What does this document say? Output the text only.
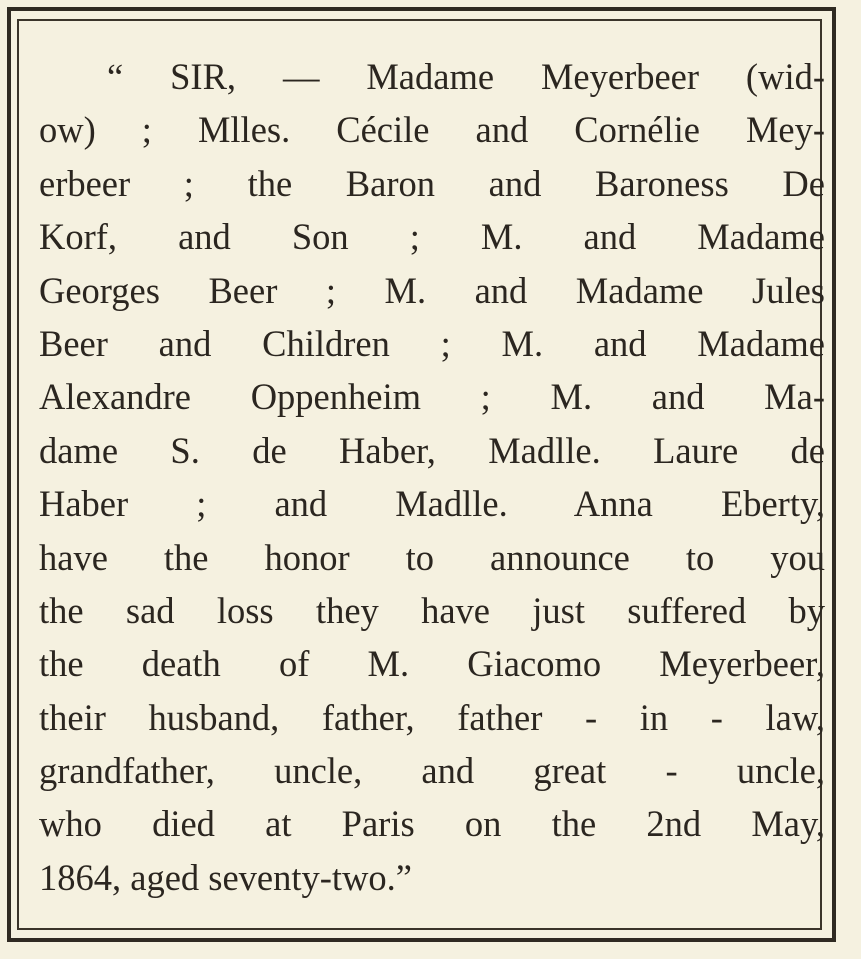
“ SIR, — Madame Meyerbeer (wid-
ow) ; Mlles. Cécile and Cornélie Mey-
erbeer ; the Baron and Baroness De
Korf, and Son ; M. and Madame
Georges Beer ; M. and Madame Jules
Beer and Children ; M. and Madame
Alexandre Oppenheim ; M. and Ma-
dame S. de Haber, Madlle. Laure de
Haber ; and Madlle. Anna Eberty,
have the honor to announce to you
the sad loss they have just suffered by
the death of M. Giacomo Meyerbeer,
their husband, father, father - in - law,
grandfather, uncle, and great - uncle,
who died at Paris on the 2nd May,
1864, aged seventy-two.”
